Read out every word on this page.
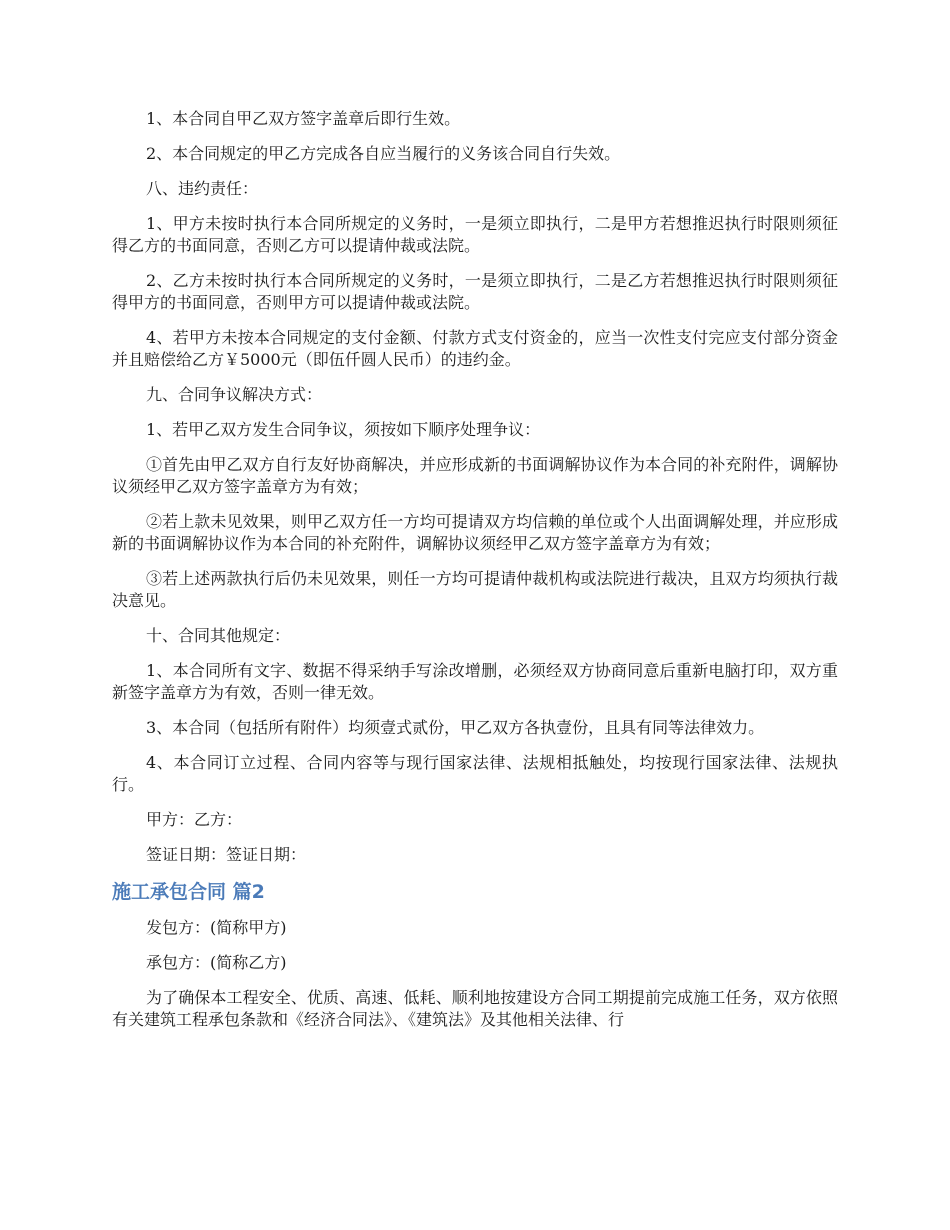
1、本合同自甲乙双方签字盖章后即行生效。

2、本合同规定的甲乙方完成各自应当履行的义务该合同自行失效。

八、违约责任：

1、甲方未按时执行本合同所规定的义务时，一是须立即执行，二是甲方若想推迟执行时限则须征得乙方的书面同意，否则乙方可以提请仲裁或法院。

2、乙方未按时执行本合同所规定的义务时，一是须立即执行，二是乙方若想推迟执行时限则须征得甲方的书面同意，否则甲方可以提请仲裁或法院。

4、若甲方未按本合同规定的支付金额、付款方式支付资金的，应当一次性支付完应支付部分资金并且赔偿给乙方￥5000元（即伍仟圆人民币）的违约金。

九、合同争议解决方式：

1、若甲乙双方发生合同争议，须按如下顺序处理争议：

①首先由甲乙双方自行友好协商解决，并应形成新的书面调解协议作为本合同的补充附件，调解协议须经甲乙双方签字盖章方为有效；

②若上款未见效果，则甲乙双方任一方均可提请双方均信赖的单位或个人出面调解处理，并应形成新的书面调解协议作为本合同的补充附件，调解协议须经甲乙双方签字盖章方为有效；

③若上述两款执行后仍未见效果，则任一方均可提请仲裁机构或法院进行裁决，且双方均须执行裁决意见。

十、合同其他规定：

1、本合同所有文字、数据不得采纳手写涂改增删，必须经双方协商同意后重新电脑打印，双方重新签字盖章方为有效，否则一律无效。

3、本合同（包括所有附件）均须壹式贰份，甲乙双方各执壹份，且具有同等法律效力。

4、本合同订立过程、合同内容等与现行国家法律、法规相抵触处，均按现行国家法律、法规执行。

甲方：乙方：

签证日期：签证日期：

施工承包合同 篇2

发包方：(简称甲方)

承包方：(简称乙方)

为了确保本工程安全、优质、高速、低耗、顺利地按建设方合同工期提前完成施工任务，双方依照有关建筑工程承包条款和《经济合同法》、《建筑法》及其他相关法律、行
